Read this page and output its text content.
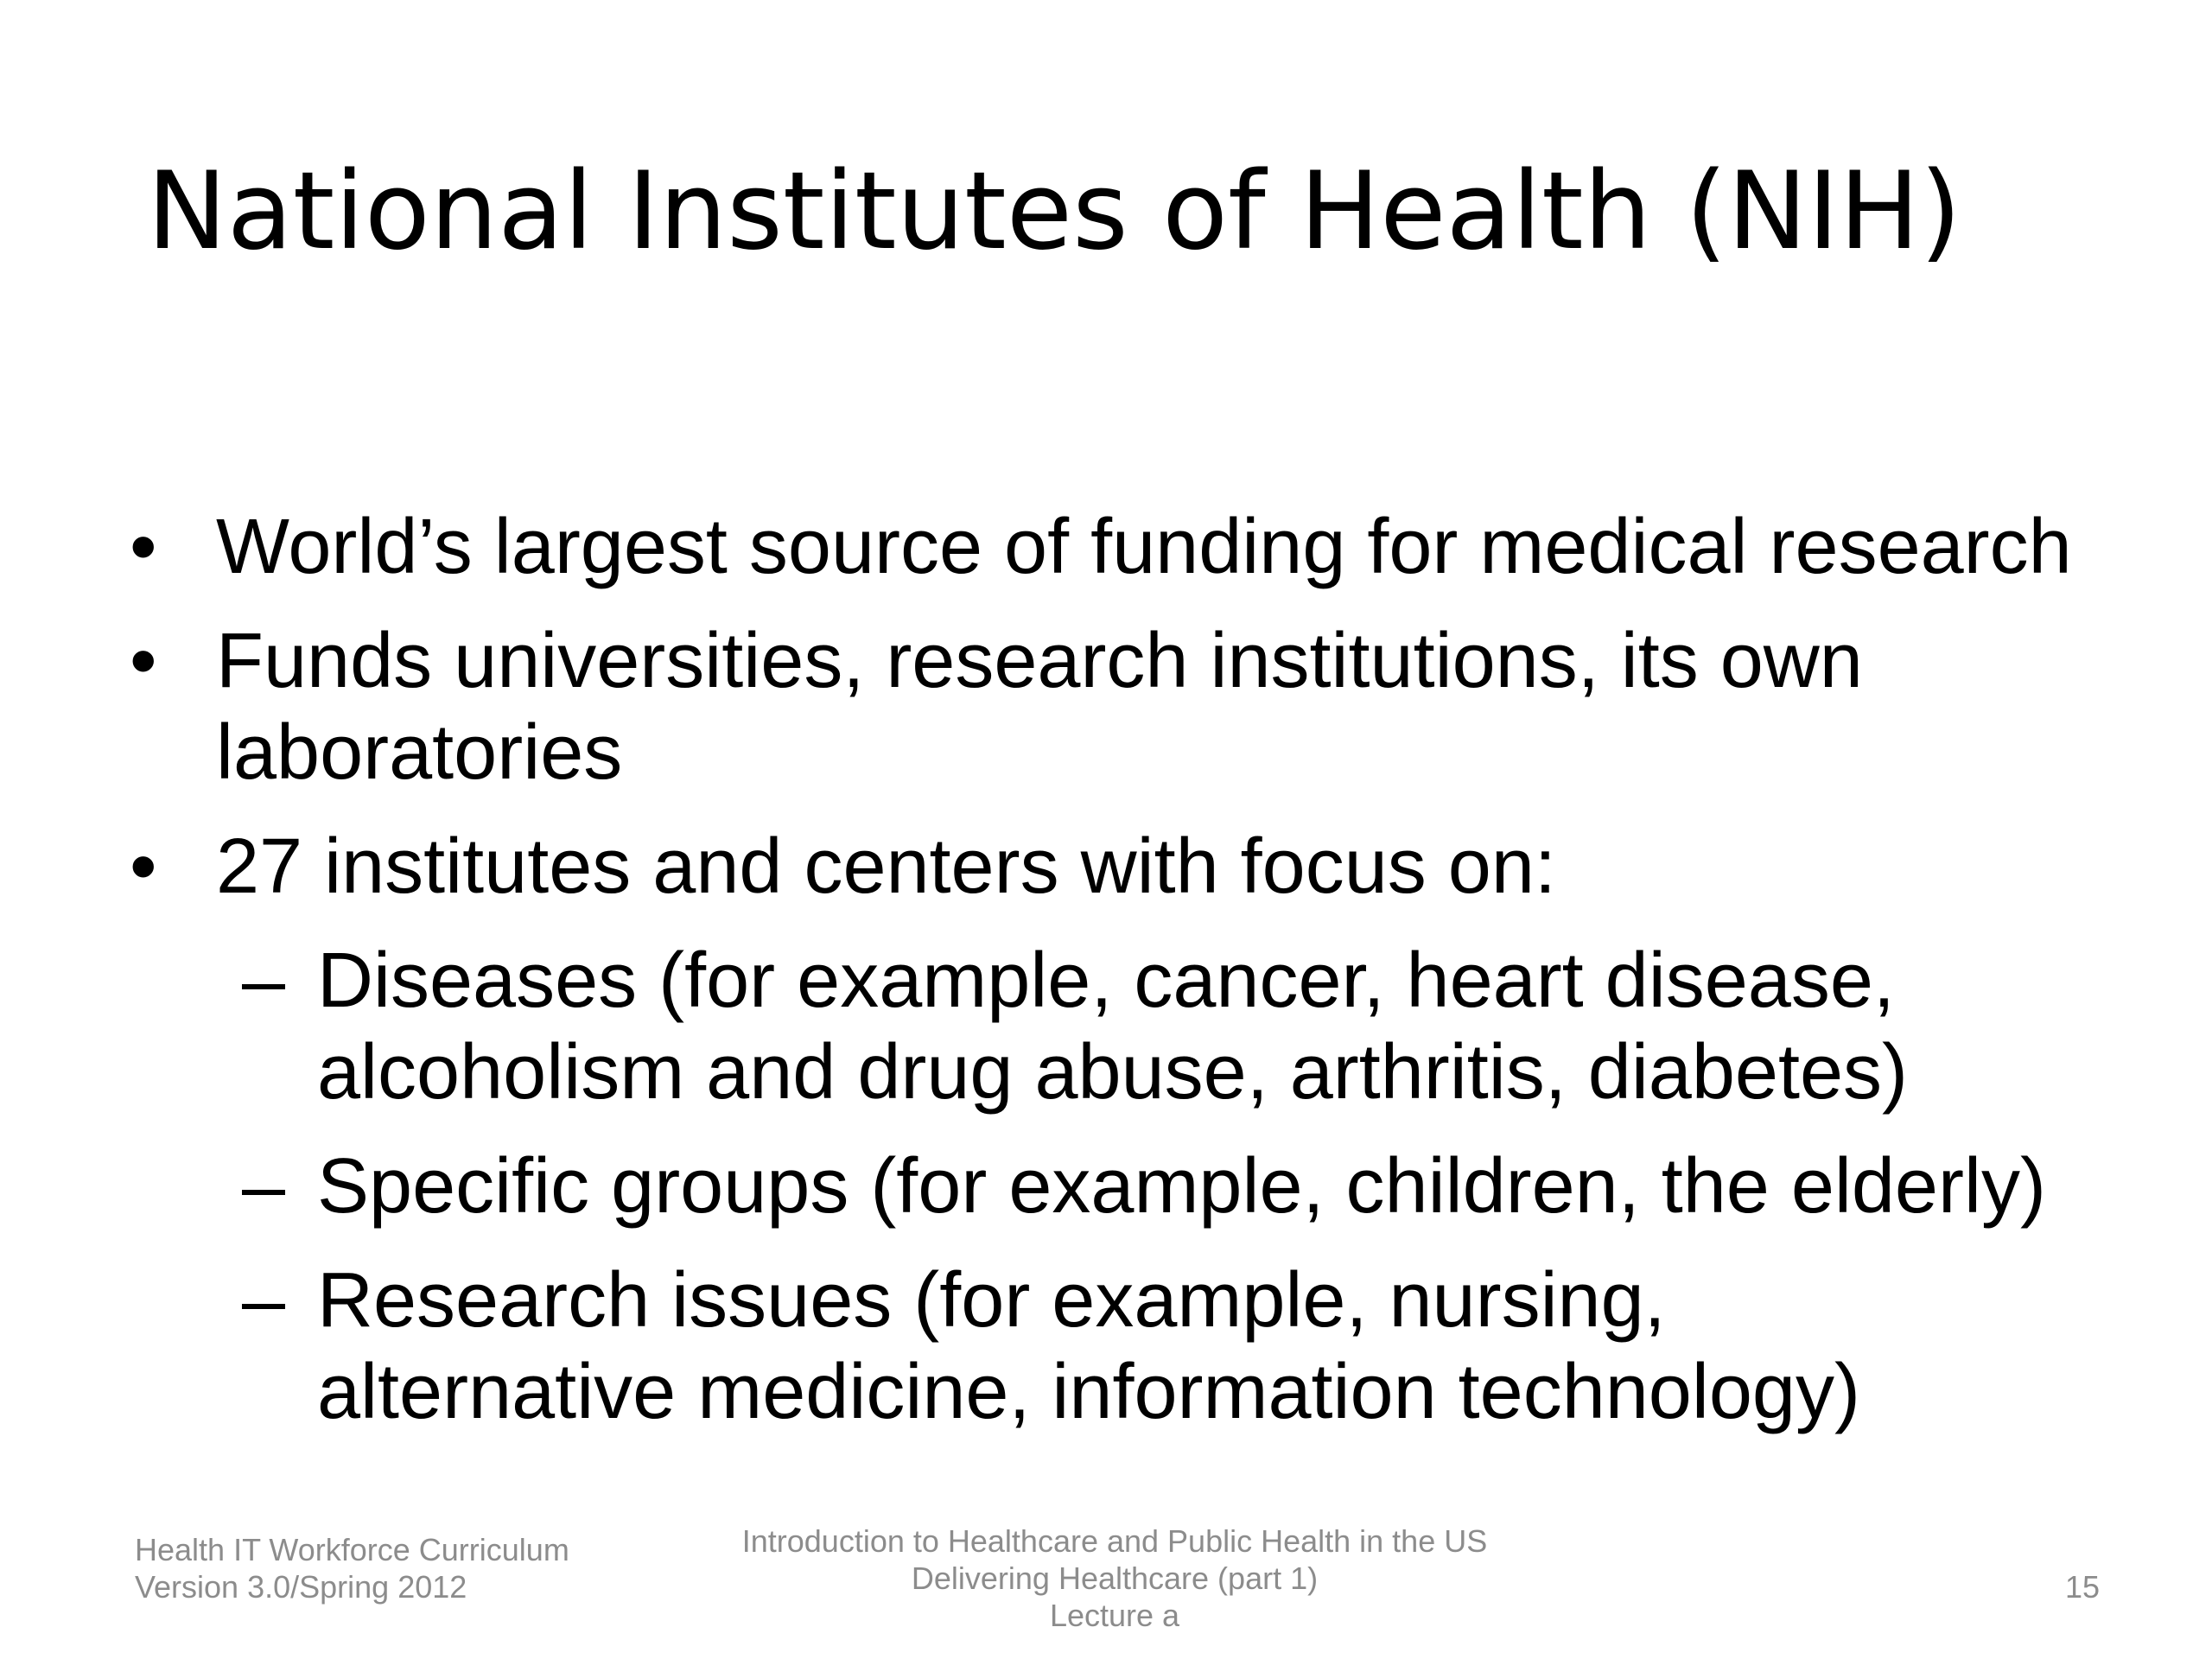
National Institutes of Health (NIH)
• World’s largest source of funding for medical research
• Funds universities, research institutions, its own laboratories
• 27 institutes and centers with focus on:
– Diseases (for example, cancer, heart disease, alcoholism and drug abuse, arthritis, diabetes)
– Specific groups (for example, children, the elderly)
– Research issues (for example, nursing, alternative medicine, information technology)
Health IT Workforce Curriculum
Version 3.0/Spring 2012
Introduction to Healthcare and Public Health in the US
Delivering Healthcare (part 1)
Lecture a
15
